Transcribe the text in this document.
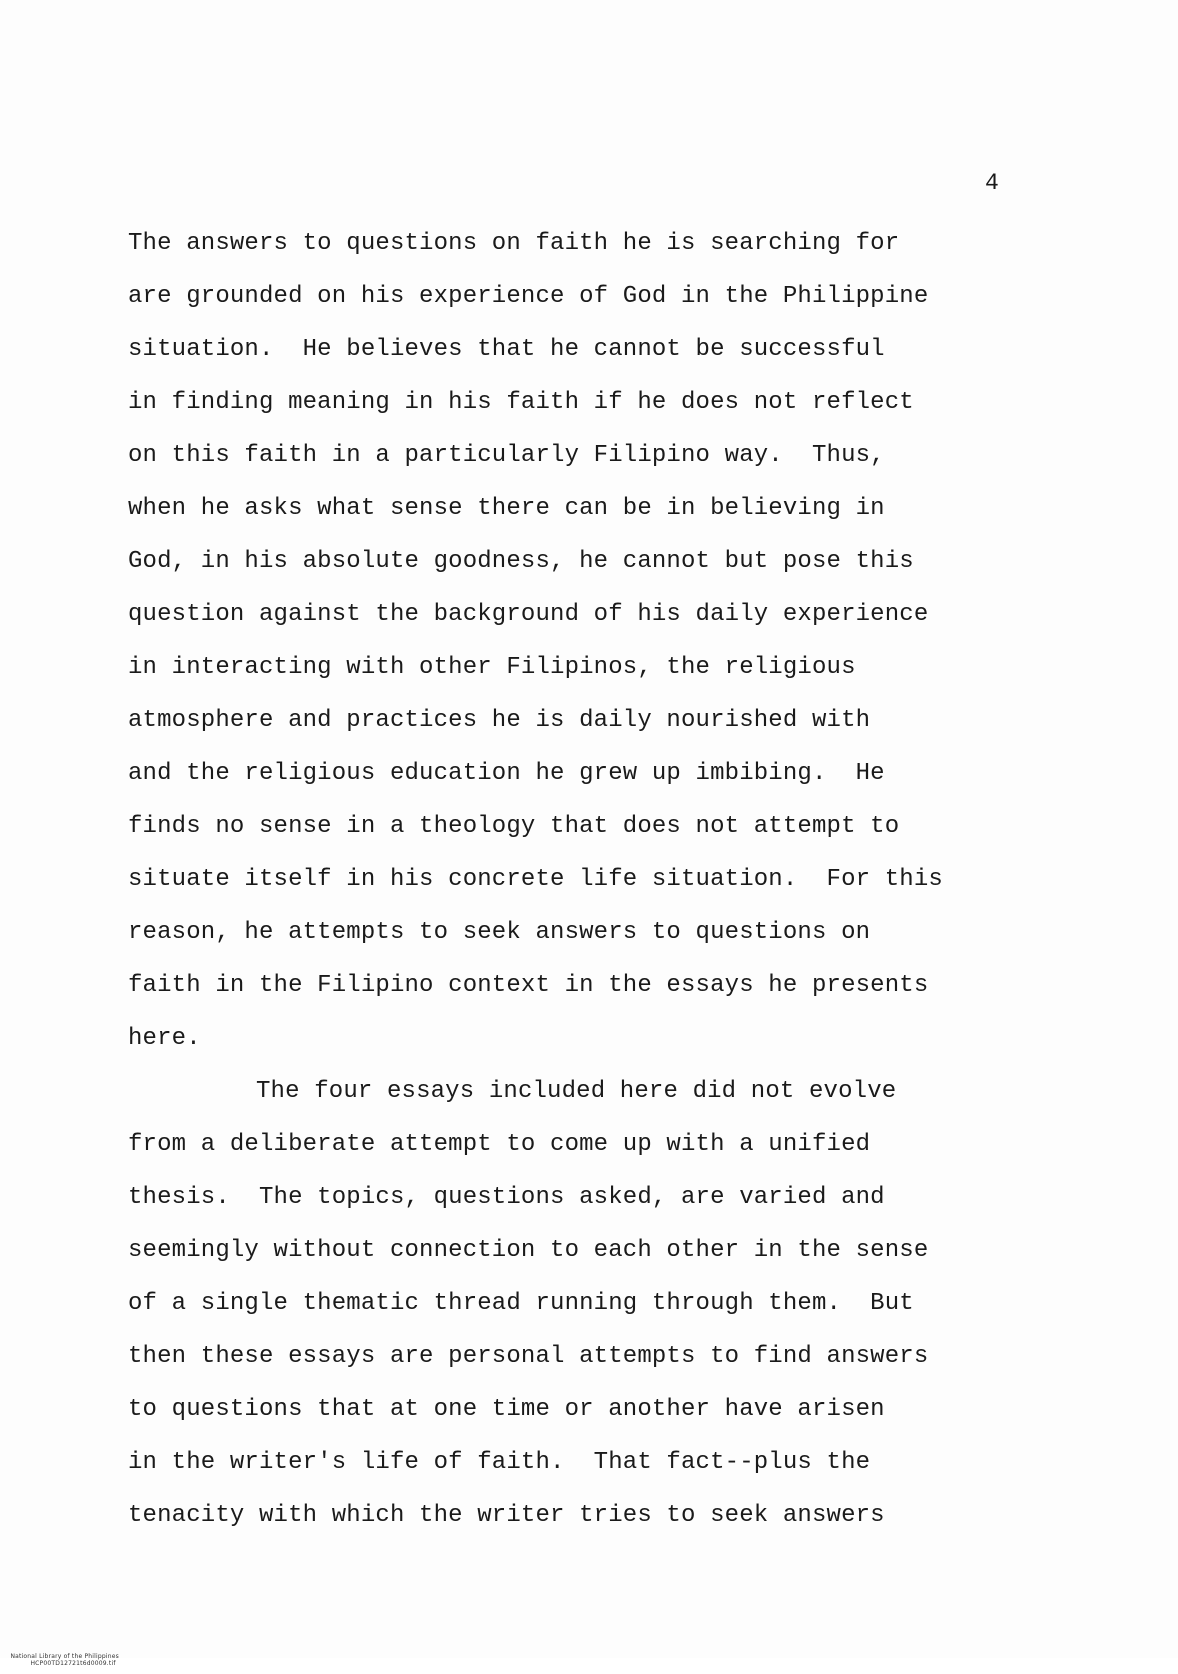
4
The answers to questions on faith he is searching for
are grounded on his experience of God in the Philippine
situation.  He believes that he cannot be successful
in finding meaning in his faith if he does not reflect
on this faith in a particularly Filipino way.  Thus,
when he asks what sense there can be in believing in
God, in his absolute goodness, he cannot but pose this
question against the background of his daily experience
in interacting with other Filipinos, the religious
atmosphere and practices he is daily nourished with
and the religious education he grew up imbibing.  He
finds no sense in a theology that does not attempt to
situate itself in his concrete life situation.  For this
reason, he attempts to seek answers to questions on
faith in the Filipino context in the essays he presents
here.
The four essays included here did not evolve
from a deliberate attempt to come up with a unified
thesis.  The topics, questions asked, are varied and
seemingly without connection to each other in the sense
of a single thematic thread running through them.  But
then these essays are personal attempts to find answers
to questions that at one time or another have arisen
in the writer's life of faith.  That fact--plus the
tenacity with which the writer tries to seek answers

National Library of the Philippines
HCP00TD12721t6d0009.tif
